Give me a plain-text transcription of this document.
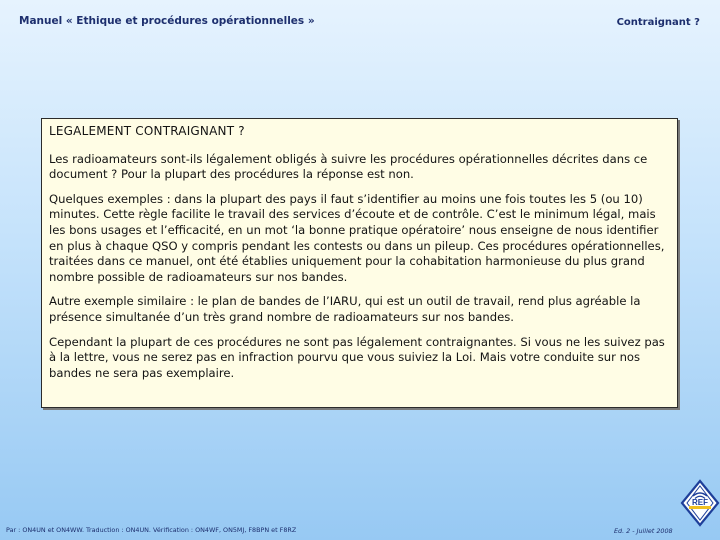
Manuel « Ethique et procédures opérationnelles »	Contraignant ?
LEGALEMENT CONTRAIGNANT ?

Les radioamateurs sont-ils légalement obligés à suivre les procédures opérationnelles décrites dans ce document ? Pour la plupart des procédures la réponse est non.

Quelques exemples : dans la plupart des pays il faut s’identifier au moins une fois toutes les 5 (ou 10) minutes. Cette règle facilite le travail des services d’écoute et de contrôle. C’est le minimum légal, mais les bons usages et l’efficacité, en un mot ‘la bonne pratique opératoire’ nous enseigne de nous identifier en plus à chaque QSO y compris pendant les contests ou dans un pileup. Ces procédures opérationnelles, traitées dans ce manuel, ont été établies uniquement pour la cohabitation harmonieuse du plus grand nombre possible de radioamateurs sur nos bandes.

Autre exemple similaire : le plan de bandes de l’IARU, qui est un outil de travail, rend plus agréable la présence simultanée d’un très grand nombre de radioamateurs sur nos bandes.

Cependant la plupart de ces procédures ne sont pas légalement contraignantes. Si vous ne les suivez pas à la lettre, vous ne serez pas en infraction pourvu que vous suiviez la Loi. Mais votre conduite sur nos bandes ne sera pas exemplaire.

Par : ON4UN et ON4WW. Traduction : ON4UN. Vérification : ON4WF, ON5MJ, F8BPN et F8RZ	Ed. 2 - Juillet 2008
REF
